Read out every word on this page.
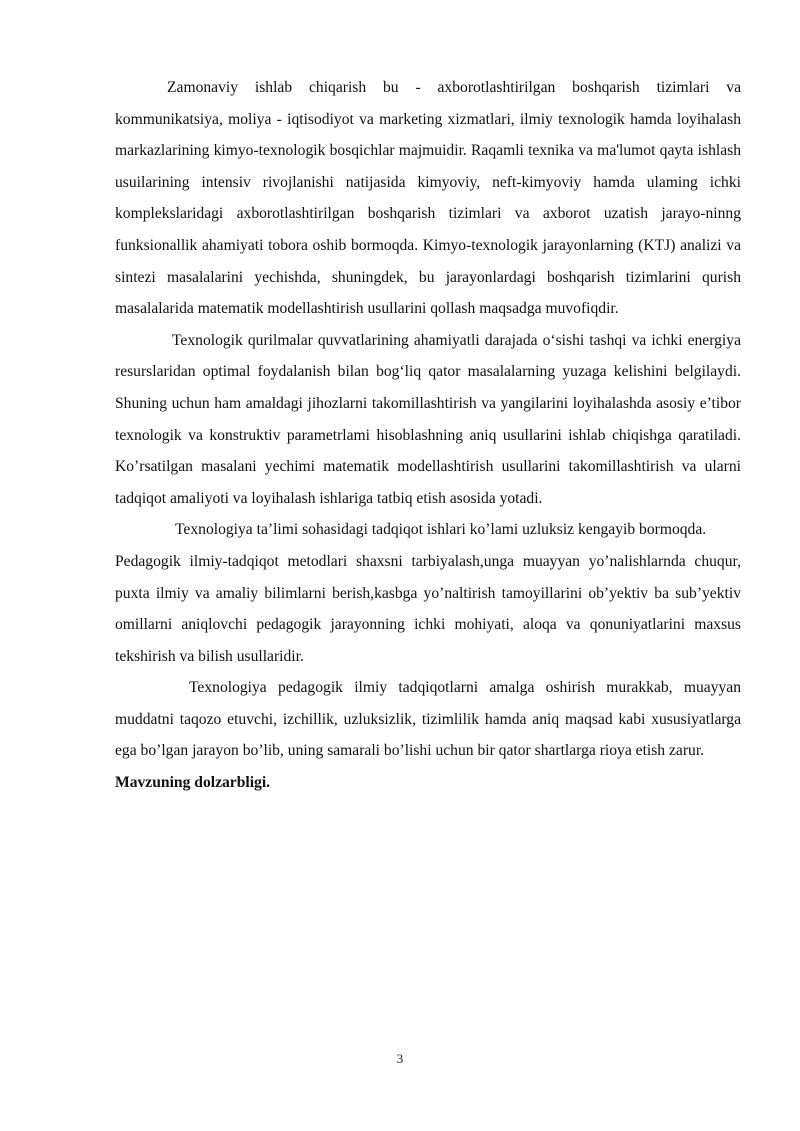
Zamonaviy ishlab chiqarish bu - axborotlashtirilgan boshqarish tizimlari va kommunikatsiya, moliya - iqtisodiyot va marketing xizmatlari, ilmiy texnologik hamda loyihalash markazlarining kimyo-texnologik bosqichlar majmuidir. Raqamli texnika va ma'lumot qayta ishlash usuilarining intensiv rivojlanishi natijasida kimyoviy, neft-kimyoviy hamda ulaming ichki komplekslaridagi axborotlashtirilgan boshqarish tizimlari va axborot uzatish jarayo-ninng funksionallik ahamiyati tobora oshib bormoqda. Kimyo-texnologik jarayonlarning (KTJ) analizi va sintezi masalalarini yechishda, shuningdek, bu jarayonlardagi boshqarish tizimlarini qurish masalalarida matematik modellashtirish usullarini qollash maqsadga muvofiqdir.

Texnologik qurilmalar quvvatlarining ahamiyatli darajada o‘sishi tashqi va ichki energiya resurslaridan optimal foydalanish bilan bog‘liq qator masalalarning yuzaga kelishini belgilaydi. Shuning uchun ham amaldagi jihozlarni takomillashtirish va yangilarini loyihalashda asosiy e’tibor texnologik va konstruktiv parametrlami hisoblashning aniq usullarini ishlab chiqishga qaratiladi. Ko’rsatilgan masalani yechimi matematik modellashtirish usullarini takomillashtirish va ularni tadqiqot amaliyoti va loyihalash ishlariga tatbiq etish asosida yotadi.

Texnologiya ta’limi sohasidagi tadqiqot ishlari ko’lami uzluksiz kengayib bormoqda.

Pedagogik ilmiy-tadqiqot metodlari shaxsni tarbiyalash,unga muayyan yo’nalishlarnda chuqur, puxta ilmiy va amaliy bilimlarni berish,kasbga yo’naltirish tamoyillarini ob’yektiv ba sub’yektiv omillarni aniqlovchi pedagogik jarayonning ichki mohiyati, aloqa va qonuniyatlarini maxsus tekshirish va bilish usullaridir.

Texnologiya pedagogik ilmiy tadqiqotlarni amalga oshirish murakkab, muayyan muddatni taqozo etuvchi, izchillik, uzluksizlik, tizimlilik hamda aniq maqsad kabi xususiyatlarga ega bo’lgan jarayon bo’lib, uning samarali bo’lishi uchun bir qator shartlarga rioya etish zarur.

Mavzuning dolzarbligi.

3
